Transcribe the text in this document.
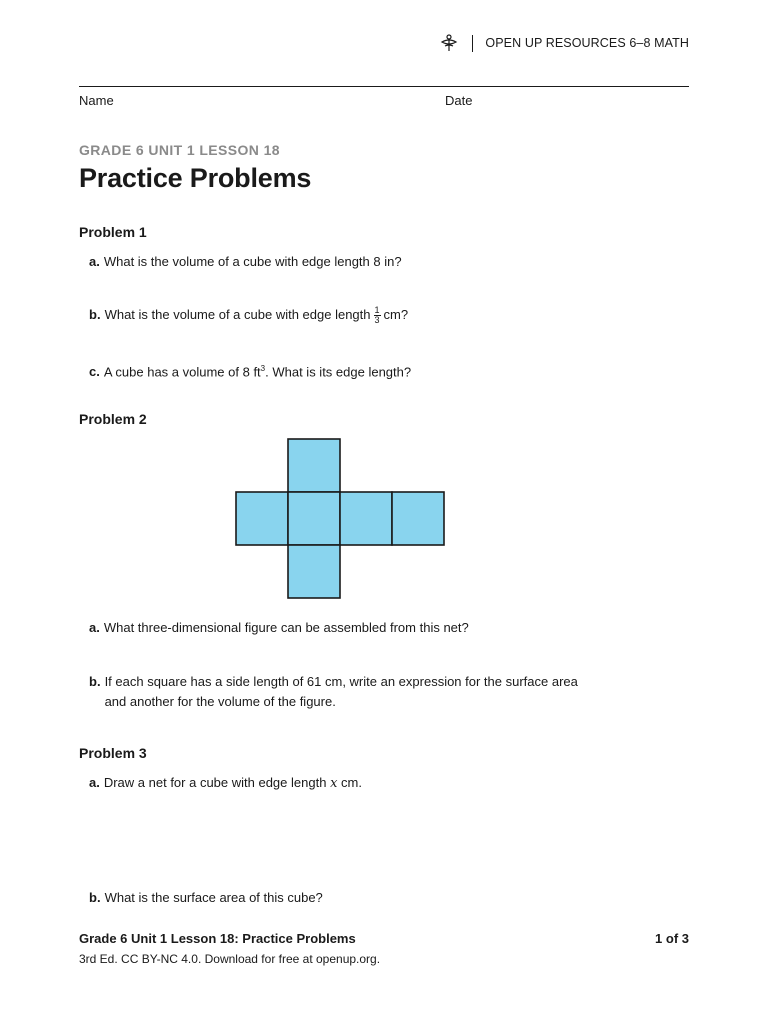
OPEN UP RESOURCES 6–8 MATH
Name	Date
GRADE 6 UNIT 1 LESSON 18
Practice Problems
Problem 1
a. What is the volume of a cube with edge length 8 in?
b. What is the volume of a cube with edge length $\frac{1}{3}$ cm?
c. A cube has a volume of 8 $ft^3$. What is its edge length?
Problem 2
a. What three-dimensional figure can be assembled from this net?
b. If each square has a side length of 61 cm, write an expression for the surface area and another for the volume of the figure.
Problem 3
a. Draw a net for a cube with edge length x cm.
b. What is the surface area of this cube?
Grade 6 Unit 1 Lesson 18: Practice Problems	1 of 3
3rd Ed. CC BY-NC 4.0. Download for free at openup.org.
